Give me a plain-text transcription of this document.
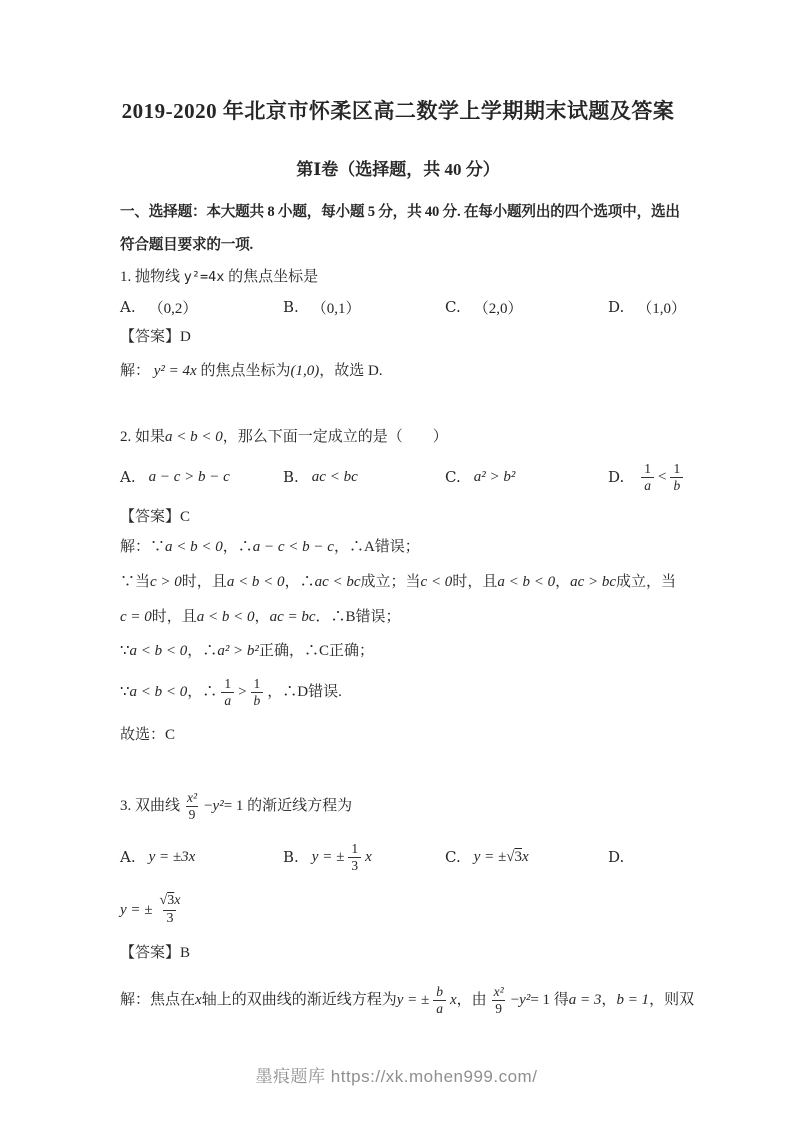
2019-2020 年北京市怀柔区高二数学上学期期末试题及答案
第Ⅰ卷（选择题，共 40 分）
一、选择题：本大题共 8 小题，每小题 5 分，共 40 分. 在每小题列出的四个选项中，选出
符合题目要求的一项.
1. 抛物线 y²=4x 的焦点坐标是
A. （0,2）	B. （0,1）	C. （2,0）	D. （1,0）
【答案】D
解： y² = 4x 的焦点坐标为(1,0)，故选 D.
2. 如果a < b < 0，那么下面一定成立的是（　　）
A. a − c > b − c	B. ac < bc	C. a² > b²	D. $\frac{1}{a} < \frac{1}{b}$
【答案】C
解：∵a < b < 0，∴a − c < b − c，∴A错误；
∵当c > 0时，且a < b < 0，∴ac < bc成立；当c < 0时，且a < b < 0，ac > bc成立，当
c = 0时，且a < b < 0，ac = bc．∴B错误；
∵a < b < 0，∴a² > b²正确，∴C正确；
∵ a < b < 0 ，∴ $\frac{1}{a} > \frac{1}{b}$ ，∴D错误.
故选：C
3. 双曲线 $\frac{\text{x²}}{9} - y^2 = 1$ 的渐近线方程为
A. y = ±3x	B. y = ± $\frac{1}{3}$ x	C. y = ± √ 3 x	D.
y = ± $\frac{√ 3 x}{3}$
【答案】B
解：焦点在 x 轴上的双曲线的渐近线方程为 y = ± $\frac{b}{a}$ x ，由 $\frac{\text{x²}}{9} - y^2 = 1$ 得 a = 3 ， b = 1 ，则双
墨痕题库 https://xk.mohen999.com/
